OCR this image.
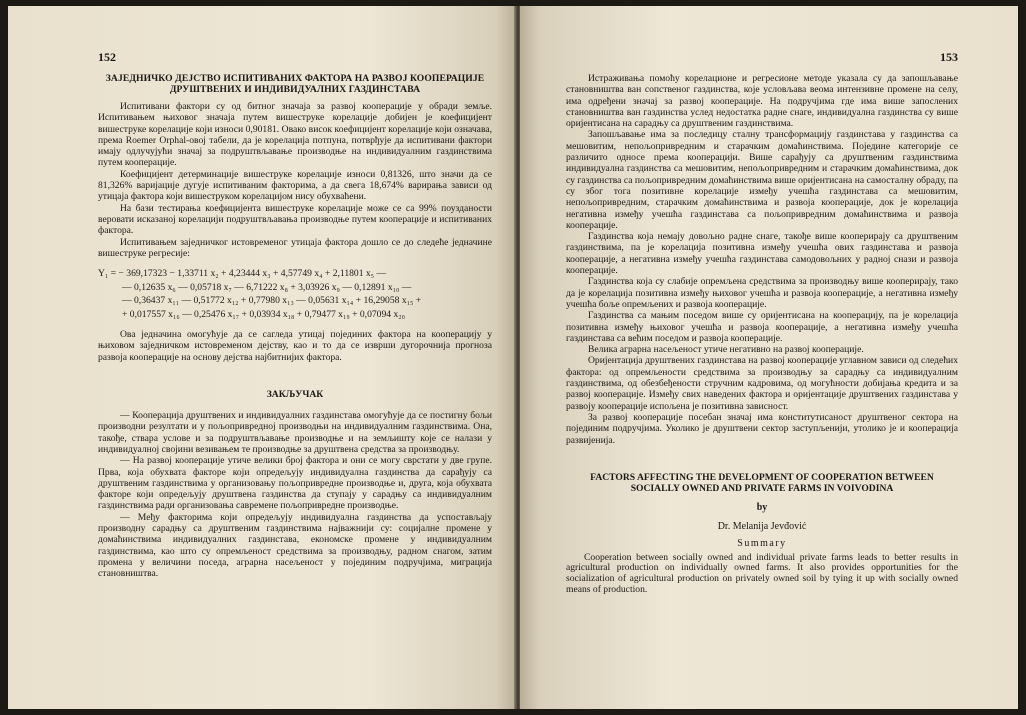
152
ЗАЈЕДНИЧКО ДЕЈСТВО ИСПИТИВАНИХ ФАКТОРА НА РАЗВОЈ КООПЕРАЦИЈЕ ДРУШТВЕНИХ И ИНДИВИДУАЛНИХ ГАЗДИНСТАВА

Испитивани фактори су од битног значаја за развој кооперације у обради земље. Испитивањем њиховог значаја путем вишеструке корелације добијен је коефицијент вишеструке корелације који износи 0,90181. Овако висок коефицијент корелације који означава, према Roemer Orphal-овој табели, да је корелација потпуна, потврђује да испитивани фактори имају одлучујући значај за подруштвљавање производње на индивидуалним газдинствима путем кооперације.

Коефицијент детерминације вишеструке корелације износи 0,81326, што значи да се 81,326% варијације дугује испитиваним факторима, а да свега 18,674% варирања зависи од утицаја фактора који вишеструком корелацијом нису обухваћени.

На бази тестирања коефицијента вишеструке корелације може се са 99% поузданости веровати исказаној корелацији подруштвљавања производње путем кооперације и испитиваних фактора.

Испитивањем заједничког истовременог утицаја фактора дошло се до следеће једначине вишеструке регресије:

Y₁ = − 369,17323 − 1,33711 x₂ + 4,23444 x₃ + 4,57749 x₄ + 2,11801 x₅ —
— 0,12635 x₆ — 0,05718 x₇ — 6,71222 x₈ + 3,03926 x₉ — 0,12891 x₁₀ —
— 0,36437 x₁₁ — 0,51772 x₁₂ + 0,77980 x₁₃ — 0,05631 x₁₄ + 16,29058 x₁₅ +
+ 0,017557 x₁₆ — 0,25476 x₁₇ + 0,03934 x₁₈ + 0,79477 x₁₉ + 0,07094 x₂₀

Ова једначина омогућује да се сагледа утицај појединих фактора на кооперацију у њиховом заједничком истовременом дејству, као и то да се изврши дугорочнија прогноза развоја кооперације на основу дејства најбитнијих фактора.

ЗАКЉУЧАК

— Кооперација друштвених и индивидуалних газдинстава омогућује да се постигну бољи производни резултати и у пољопривредној производњи на индивидуалним газдинствима. Она, такође, ствара услове и за подруштвљавање производње и на земљишту које се налази у индивидуалној својини везивањем те производње за друштвена средства за производњу.

— На развој кооперације утиче велики број фактора и они се могу сврстати у две групе. Прва, која обухвата факторе који опредељују индивидуална газдинства да сарађују са друштвеним газдинствима у организовању пољопривредне производње и, друга, која обухвата факторе који опредељују друштвена газдинства да ступају у сарадњу са индивидуалним газдинствима ради организовања савремене пољопривредне производње.

— Међу факторима који опредељују индивидуална газдинства да успостављају производну сарадњу са друштвеним газдинствима најважнији су: социјалне промене у домаћинствима индивидуалних газдинстава, економске промене у индивидуалним газдинствима, као што су опремљеност средствима за производњу, радном снагом, затим промена у величини поседа, аграрна насељеност у појединим подручјима, миграција становништва.

153

Истраживања помоћу корелационе и регресионе методе указала су да запошљавање становништва ван сопственог газдинства, које условљава веома интензивне промене на селу, има одређени значај за развој кооперације. На подручјима где има више запослених становништва ван газдинства услед недостатка радне снаге, индивидуална газдинства су више оријентисана на сарадњу са друштвеним газдинствима.

Запошљавање има за последицу сталну трансформацију газдинстава у газдинства са мешовитим, непољопривредним и старачким домаћинствима. Поједине категорије се различито односе према кооперацији. Више сарађују са друштвеним газдинствима индивидуална газдинства са мешовитим, непољопривредним и старачким домаћинствима, док су газдинства са пољопривредним домаћинствима више оријентисана на самосталну обраду, па су због тога позитивне корелације између учешћа газдинстава са мешовитим, непољопривредним, старачким домаћинствима и развоја кооперације, док је корелација негативна између учешћа газдинстава са пољопривредним домаћинствима и развоја кооперације.

Газдинства која немају довољно радне снаге, такође више кооперирају са друштвеним газдинствима, па је корелација позитивна између учешћа ових газдинстава и развоја кооперације, а негативна између учешћа газдинстава самодовољних у радној снази и развоја кооперације.

Газдинства која су слабије опремљена средствима за производњу више кооперирају, тако да је корелација позитивна између њиховог учешћа и развоја кооперације, а негативна између учешћа боље опремљених и развоја кооперације.

Газдинства са мањим поседом више су оријентисана на кооперацију, па је корелација позитивна између њиховог учешћа и развоја кооперације, а негативна између учешћа газдинстава са већим поседом и развоја кооперације.

Велика аграрна насељеност утиче негативно на развој кооперације.

Оријентација друштвених газдинстава на развој кооперације углавном зависи од следећих фактора: од опремљености средствима за производњу за сарадњу са индивидуалним газдинствима, од обезбеђености стручним кадровима, од могућности добијања кредита и за развој кооперације. Између свих наведених фактора и оријентације друштвених газдинстава у развоју кооперације испољена је позитивна зависност.

За развој кооперације посебан значај има конститутисаност друштвеног сектора на појединим подручјима. Уколико је друштвени сектор заступљенији, утолико је и кооперација развијенија.

FACTORS AFFECTING THE DEVELOPMENT OF COOPERATION BETWEEN SOCIALLY OWNED AND PRIVATE FARMS IN VOIVODINA
by
Dr. Melanija Jevđović
Summary

Cooperation between socially owned and individual private farms leads to better results in agricultural production on individually owned farms. It also provides opportunities for the socialization of agricultural production on privately owned soil by tying it up with socially owned means of production.
